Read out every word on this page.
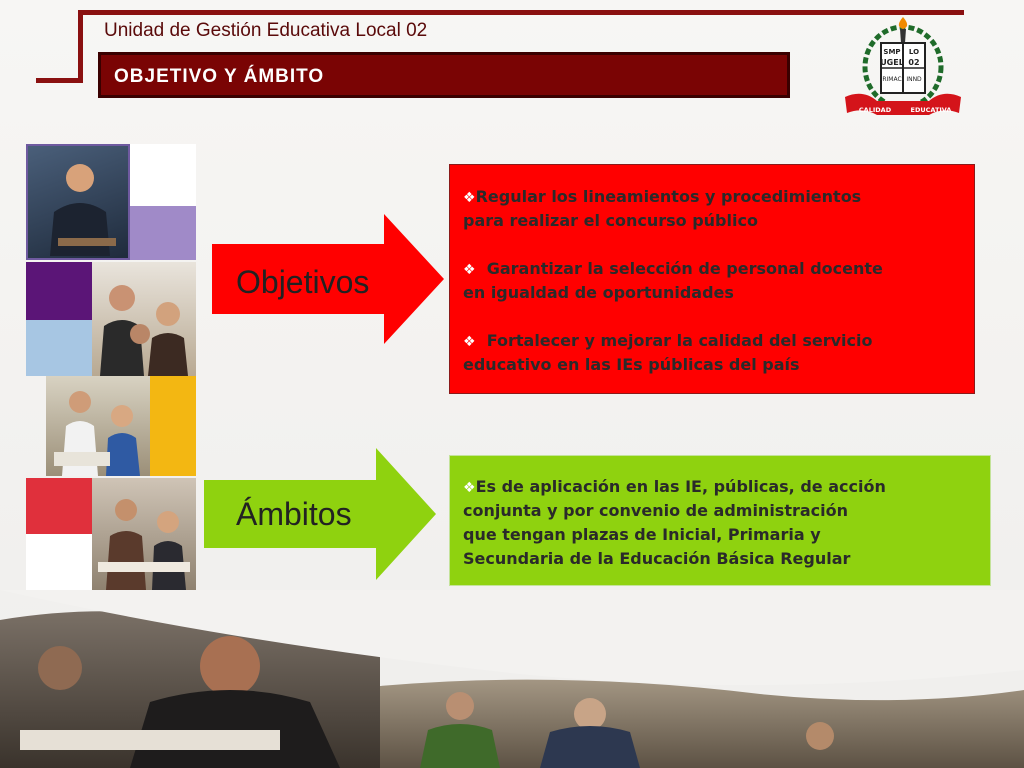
Unidad de Gestión Educativa Local 02
OBJETIVO Y ÁMBITO
SMP LO
UGEL 02
RIMAC INND
CALIDAD	EDUCATIVA
Objetivos
❖Regular los lineamientos y procedimientos
para realizar el concurso público
❖ Garantizar la selección de personal docente
en igualdad de oportunidades
❖ Fortalecer y mejorar la calidad del servicio
educativo en las IEs públicas del país
Ámbitos
❖Es de aplicación en las IE, públicas, de acción
conjunta y por convenio de administración
que tengan plazas de Inicial, Primaria y
Secundaria de la Educación Básica Regular
